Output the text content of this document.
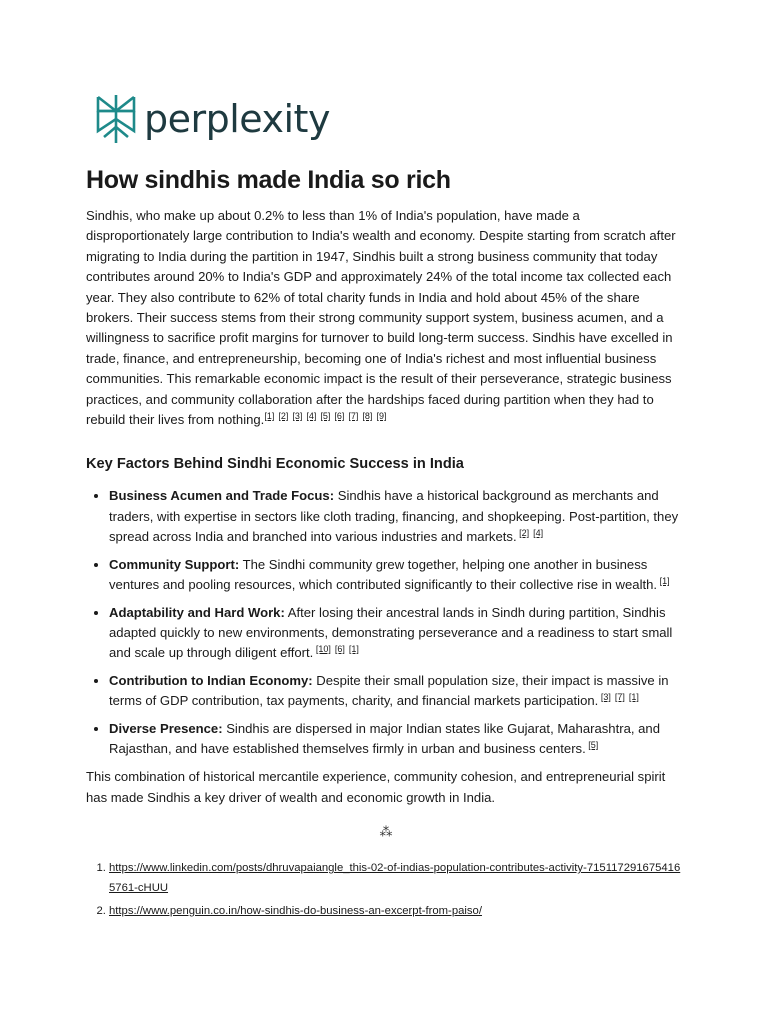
perplexity
How sindhis made India so rich

Sindhis, who make up about 0.2% to less than 1% of India's population, have made a disproportionately large contribution to India's wealth and economy. Despite starting from scratch after migrating to India during the partition in 1947, Sindhis built a strong business community that today contributes around 20% to India's GDP and approximately 24% of the total income tax collected each year. They also contribute to 62% of total charity funds in India and hold about 45% of the share brokers. Their success stems from their strong community support system, business acumen, and a willingness to sacrifice profit margins for turnover to build long-term success. Sindhis have excelled in trade, finance, and entrepreneurship, becoming one of India's richest and most influential business communities. This remarkable economic impact is the result of their perseverance, strategic business practices, and community collaboration after the hardships faced during partition when they had to rebuild their lives from nothing.[1] [2] [3] [4] [5] [6] [7] [8] [9]

Key Factors Behind Sindhi Economic Success in India
• Business Acumen and Trade Focus: Sindhis have a historical background as merchants and traders, with expertise in sectors like cloth trading, financing, and shopkeeping. Post-partition, they spread across India and branched into various industries and markets. [2] [4]
• Community Support: The Sindhi community grew together, helping one another in business ventures and pooling resources, which contributed significantly to their collective rise in wealth. [1]
• Adaptability and Hard Work: After losing their ancestral lands in Sindh during partition, Sindhis adapted quickly to new environments, demonstrating perseverance and a readiness to start small and scale up through diligent effort. [10] [6] [1]
• Contribution to Indian Economy: Despite their small population size, their impact is massive in terms of GDP contribution, tax payments, charity, and financial markets participation. [3] [7] [1]
• Diverse Presence: Sindhis are dispersed in major Indian states like Gujarat, Maharashtra, and Rajasthan, and have established themselves firmly in urban and business centers. [5]

This combination of historical mercantile experience, community cohesion, and entrepreneurial spirit has made Sindhis a key driver of wealth and economic growth in India.

⁂
1. https://www.linkedin.com/posts/dhruvapaiangle_this-02-of-indias-population-contributes-activity-7151172916754165761-cHUU
2. https://www.penguin.co.in/how-sindhis-do-business-an-excerpt-from-paiso/
